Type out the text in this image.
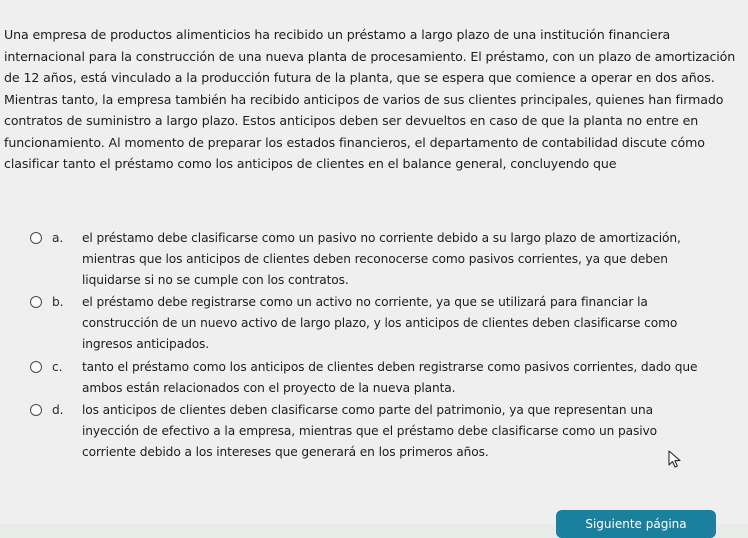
Una empresa de productos alimenticios ha recibido un préstamo a largo plazo de una institución financiera internacional para la construcción de una nueva planta de procesamiento. El préstamo, con un plazo de amortización de 12 años, está vinculado a la producción futura de la planta, que se espera que comience a operar en dos años. Mientras tanto, la empresa también ha recibido anticipos de varios de sus clientes principales, quienes han firmado contratos de suministro a largo plazo. Estos anticipos deben ser devueltos en caso de que la planta no entre en funcionamiento. Al momento de preparar los estados financieros, el departamento de contabilidad discute cómo clasificar tanto el préstamo como los anticipos de clientes en el balance general, concluyendo que

a.	el préstamo debe clasificarse como un pasivo no corriente debido a su largo plazo de amortización, mientras que los anticipos de clientes deben reconocerse como pasivos corrientes, ya que deben liquidarse si no se cumple con los contratos.
b.	el préstamo debe registrarse como un activo no corriente, ya que se utilizará para financiar la construcción de un nuevo activo de largo plazo, y los anticipos de clientes deben clasificarse como ingresos anticipados.
c.	tanto el préstamo como los anticipos de clientes deben registrarse como pasivos corrientes, dado que ambos están relacionados con el proyecto de la nueva planta.
d.	los anticipos de clientes deben clasificarse como parte del patrimonio, ya que representan una inyección de efectivo a la empresa, mientras que el préstamo debe clasificarse como un pasivo corriente debido a los intereses que generará en los primeros años.
Siguiente página
